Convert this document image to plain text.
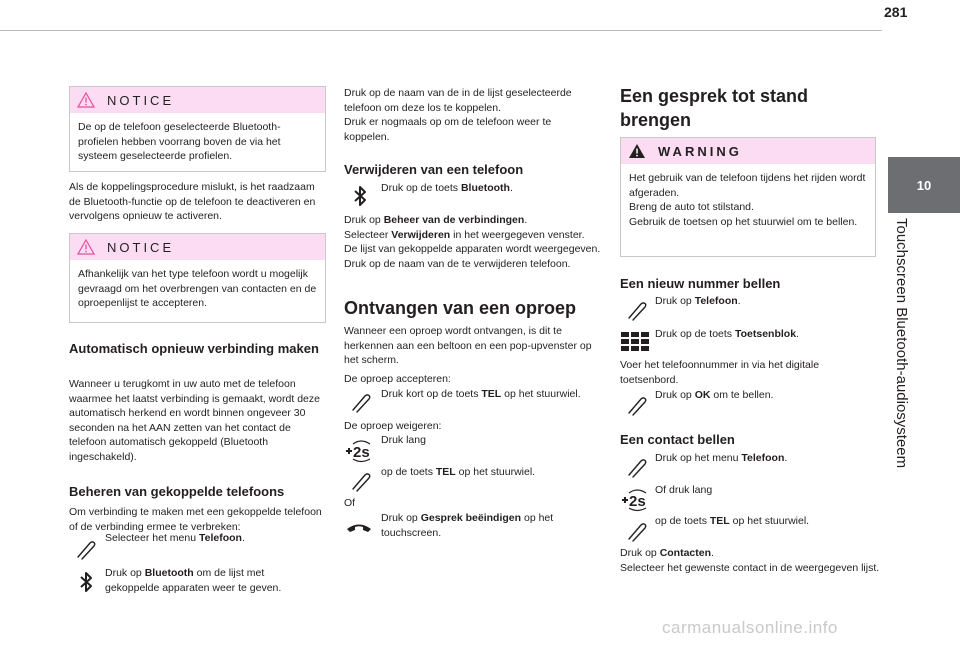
281
10
Touchscreen Bluetooth-audiosysteem
NOTICE
De op de telefoon geselecteerde Bluetooth-profielen hebben voorrang boven de via het systeem geselecteerde profielen.

Als de koppelingsprocedure mislukt, is het raadzaam de Bluetooth-functie op de telefoon te deactiveren en vervolgens opnieuw te activeren.

NOTICE
Afhankelijk van het type telefoon wordt u mogelijk gevraagd om het overbrengen van contacten en de oproepenlijst te accepteren.
Automatisch opnieuw verbinding maken

Wanneer u terugkomt in uw auto met de telefoon waarmee het laatst verbinding is gemaakt, wordt deze automatisch herkend en wordt binnen ongeveer 30 seconden na het AAN zetten van het contact de telefoon automatisch gekoppeld (Bluetooth ingeschakeld).

Beheren van gekoppelde telefoons

Om verbinding te maken met een gekoppelde telefoon of de verbinding ermee te verbreken:

Selecteer het menu Telefoon.
Druk op Bluetooth om de lijst met gekoppelde apparaten weer te geven.

Druk op de naam van de in de lijst geselecteerde telefoon om deze los te koppelen.
Druk er nogmaals op om de telefoon weer te koppelen.

Verwijderen van een telefoon
Druk op de toets Bluetooth.

Druk op Beheer van de verbindingen.

Selecteer Verwijderen in het weergegeven venster.

De lijst van gekoppelde apparaten wordt weergegeven.

Druk op de naam van de te verwijderen telefoon.

Ontvangen van een oproep

Wanneer een oproep wordt ontvangen, is dit te herkennen aan een beltoon en een pop-upvenster op het scherm.

De oproep accepteren:

Druk kort op de toets TEL op het stuurwiel.

De oproep weigeren:

Druk lang
op de toets TEL op het stuurwiel.

Of

Druk op Gesprek beëindigen op het touchscreen.
Een gesprek tot stand
brengen
WARNING
Het gebruik van de telefoon tijdens het rijden wordt afgeraden.
Breng de auto tot stilstand.
Gebruik de toetsen op het stuurwiel om te bellen.
Een nieuw nummer bellen
Druk op Telefoon.
Druk op de toets Toetsenblok.

Voer het telefoonnummer in via het digitale toetsenbord.

Druk op OK om te bellen.
Een contact bellen
Druk op het menu Telefoon.
Of druk lang
op de toets TEL op het stuurwiel.

Druk op Contacten.

Selecteer het gewenste contact in de weergegeven lijst.

carmanualsonline.info
